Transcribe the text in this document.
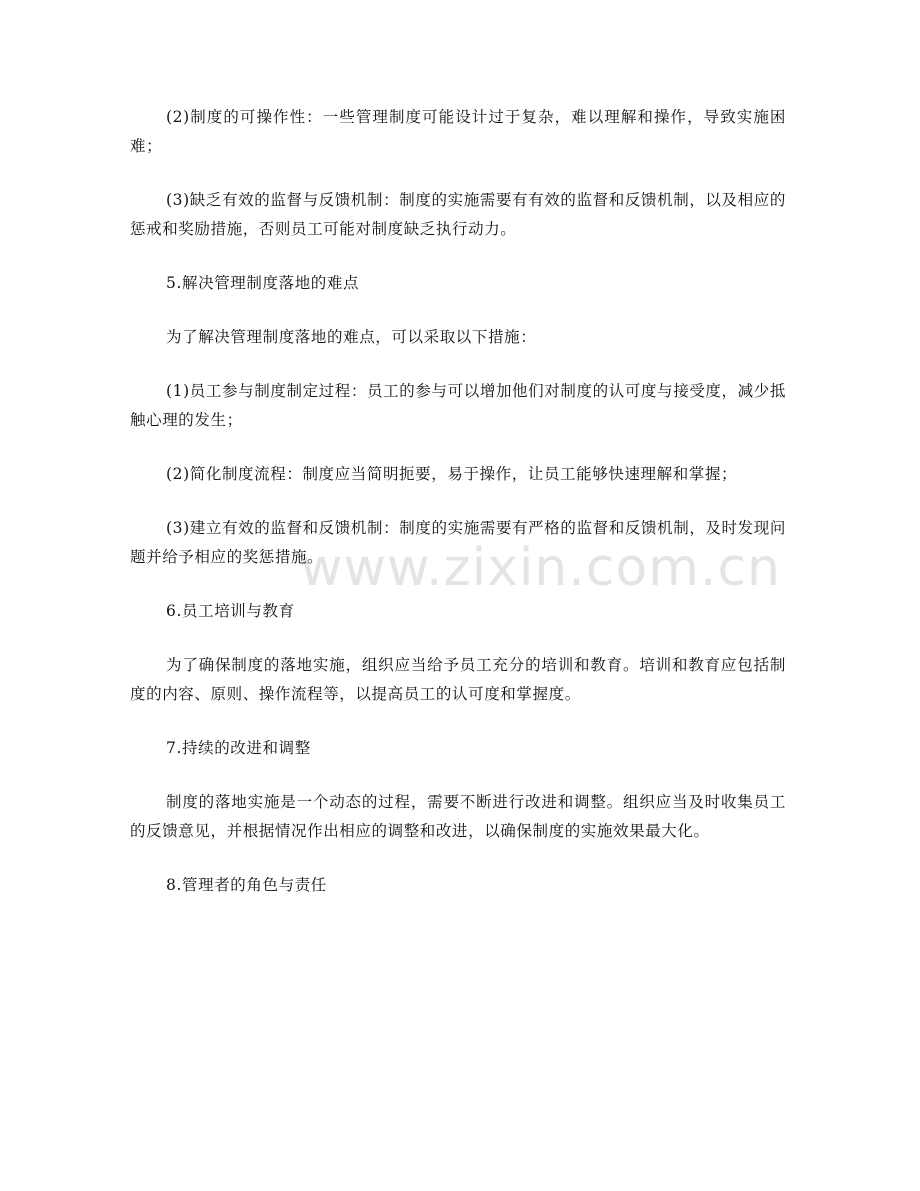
www.zixin.com.cn

(2)制度的可操作性：一些管理制度可能设计过于复杂，难以理解和操作，导致实施困难；

(3)缺乏有效的监督与反馈机制：制度的实施需要有有效的监督和反馈机制，以及相应的惩戒和奖励措施，否则员工可能对制度缺乏执行动力。

5.解决管理制度落地的难点

为了解决管理制度落地的难点，可以采取以下措施：

(1)员工参与制度制定过程：员工的参与可以增加他们对制度的认可度与接受度，减少抵触心理的发生；

(2)简化制度流程：制度应当简明扼要，易于操作，让员工能够快速理解和掌握；

(3)建立有效的监督和反馈机制：制度的实施需要有严格的监督和反馈机制，及时发现问题并给予相应的奖惩措施。

6.员工培训与教育

为了确保制度的落地实施，组织应当给予员工充分的培训和教育。培训和教育应包括制度的内容、原则、操作流程等，以提高员工的认可度和掌握度。

7.持续的改进和调整

制度的落地实施是一个动态的过程，需要不断进行改进和调整。组织应当及时收集员工的反馈意见，并根据情况作出相应的调整和改进，以确保制度的实施效果最大化。

8.管理者的角色与责任
